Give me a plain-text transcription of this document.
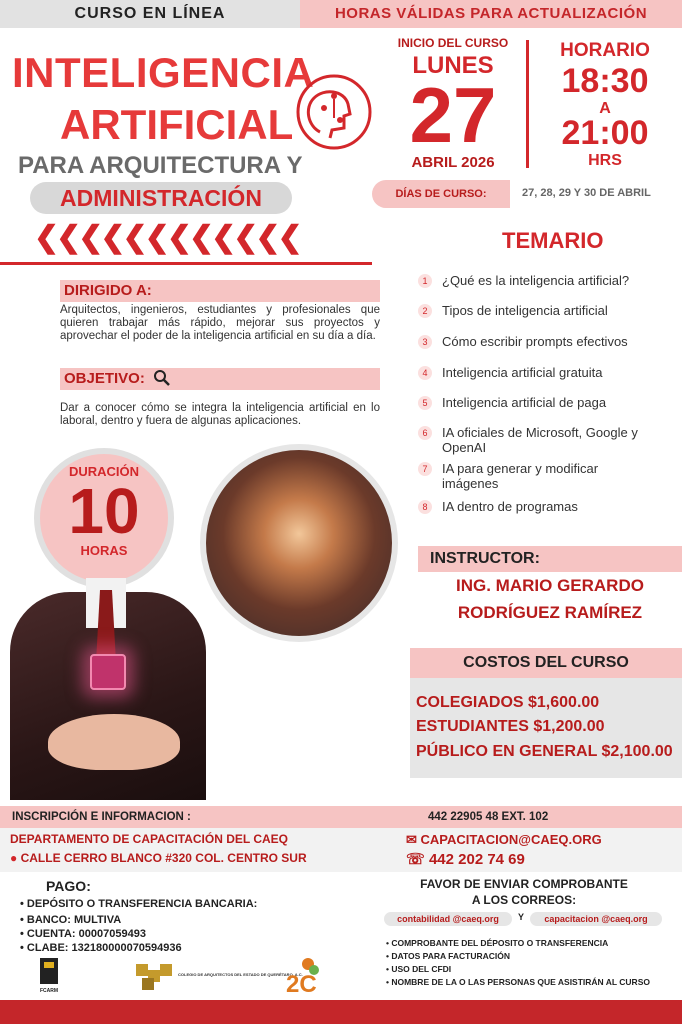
CURSO EN LÍNEA	HORAS VÁLIDAS PARA ACTUALIZACIÓN
INTELIGENCIA
ARTIFICIAL
PARA ARQUITECTURA Y
ADMINISTRACIÓN
❮❮❮❮❮❮❮❮❮❮❮❮
INICIO DEL CURSO
LUNES
27
ABRIL 2026
HORARIO
18:30
A
21:00
HRS
DÍAS DE CURSO:	27, 28, 29 Y 30 DE ABRIL
TEMARIO
1	¿Qué es la inteligencia artificial?
2	Tipos de inteligencia artificial
3	Cómo escribir prompts efectivos
4	Inteligencia artificial gratuita
5	Inteligencia artificial de paga
6	IA oficiales de Microsoft, Google y OpenAI
7	IA para generar y modificar imágenes
8	IA dentro de programas
DIRIGIDO A:
Arquitectos, ingenieros, estudiantes y profesionales que quieren trabajar más rápido, mejorar sus proyectos y aprovechar el poder de la inteligencia artificial en su día a día.
OBJETIVO:
Dar a conocer cómo se integra la inteligencia artificial en lo laboral, dentro y fuera de algunas aplicaciones.
DURACIÓN
10
HORAS	INSTRUCTOR:
ING. MARIO GERARDO
RODRÍGUEZ RAMÍREZ
COSTOS DEL CURSO
COLEGIADOS $1,600.00
ESTUDIANTES $1,200.00
PÚBLICO EN GENERAL $2,100.00
INSCRIPCIÓN E INFORMACION :	442 22905 48 EXT. 102
DEPARTAMENTO DE CAPACITACIÓN DEL CAEQ
● CALLE CERRO BLANCO #320 COL. CENTRO SUR
✉ CAPACITACION@CAEQ.ORG
☏ 442 202 74 69
PAGO:
• DEPÓSITO O TRANSFERENCIA BANCARIA:
• BANCO: MULTIVA
• CUENTA: 00007059493
• CLABE: 132180000070594936
FAVOR DE ENVIAR COMPROBANTE
A LOS CORREOS:
contabilidad @caeq.org	Y	capacitacion @caeq.org
• COMPROBANTE DEL DÉPOSITO O TRANSFERENCIA
• DATOS PARA FACTURACIÓN
• USO DEL CFDI
• NOMBRE DE LA O LAS PERSONAS QUE ASISTIRÁN AL CURSO
FCARM
COLEGIO DE ARQUITECTOS DEL ESTADO DE QUERÉTARO, A.C.
2C
